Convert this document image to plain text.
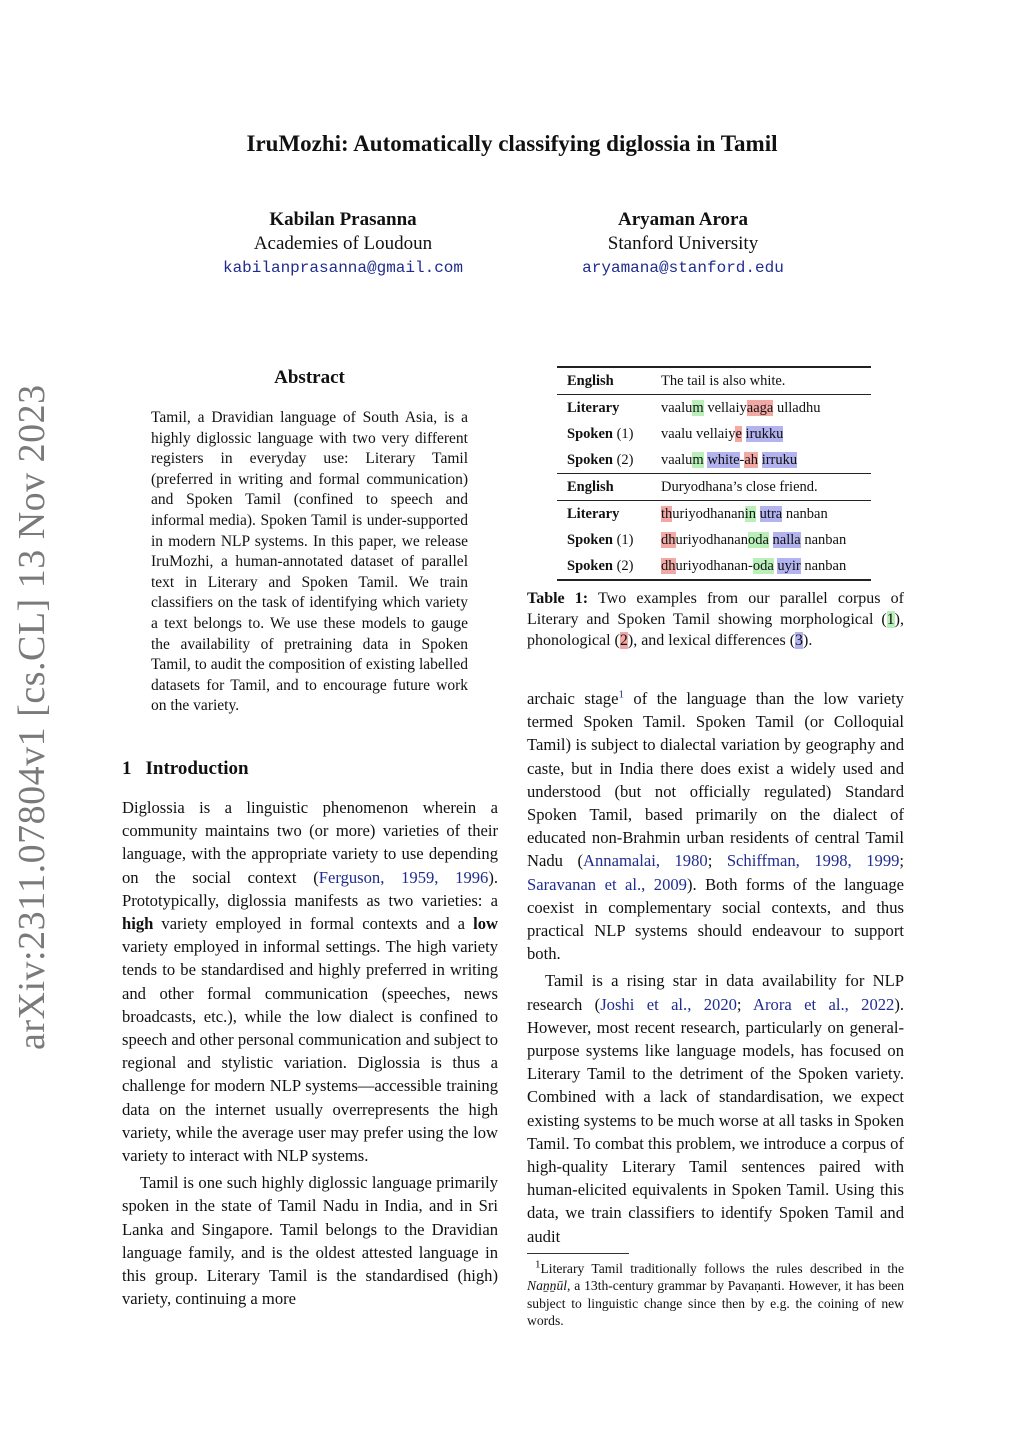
IruMozhi: Automatically classifying diglossia in Tamil
Kabilan Prasanna
Academies of Loudoun
kabilanprasanna@gmail.com
Aryaman Arora
Stanford University
aryamana@stanford.edu
arXiv:2311.07804v1 [cs.CL] 13 Nov 2023
Abstract
Tamil, a Dravidian language of South Asia, is a highly diglossic language with two very different registers in everyday use: Literary Tamil (preferred in writing and formal communication) and Spoken Tamil (confined to speech and informal media). Spoken Tamil is under-supported in modern NLP systems. In this paper, we release IruMozhi, a human-annotated dataset of parallel text in Literary and Spoken Tamil. We train classifiers on the task of identifying which variety a text belongs to. We use these models to gauge the availability of pretraining data in Spoken Tamil, to audit the composition of existing labelled datasets for Tamil, and to encourage future work on the variety.
1 Introduction

Diglossia is a linguistic phenomenon wherein a community maintains two (or more) varieties of their language, with the appropriate variety to use depending on the social context (Ferguson, 1959, 1996). Prototypically, diglossia manifests as two varieties: a high variety employed in formal contexts and a low variety employed in informal settings. The high variety tends to be standardised and highly preferred in writing and other formal communication (speeches, news broadcasts, etc.), while the low dialect is confined to speech and other personal communication and subject to regional and stylistic variation. Diglossia is thus a challenge for modern NLP systems—accessible training data on the internet usually overrepresents the high variety, while the average user may prefer using the low variety to interact with NLP systems.

Tamil is one such highly diglossic language primarily spoken in the state of Tamil Nadu in India, and in Sri Lanka and Singapore. Tamil belongs to the Dravidian language family, and is the oldest attested language in this group. Literary Tamil is the standardised (high) variety, continuing a more

English	The tail is also white.
Literary	vaalum vellaiyaaga ulladhu
Spoken (1)	vaalu vellaiye irukku
Spoken (2)	vaalum white-ah irruku
English	Duryodhana’s close friend.
Literary	thuriyodhananin utra nanban
Spoken (1)	dhuriyodhananoda nalla nanban
Spoken (2)	dhuriyodhanan-oda uyir nanban
Table 1: Two examples from our parallel corpus of Literary and Spoken Tamil showing morphological (1), phonological (2), and lexical differences (3).

archaic stage$^1$ of the language than the low variety termed Spoken Tamil. Spoken Tamil (or Colloquial Tamil) is subject to dialectal variation by geography and caste, but in India there does exist a widely used and understood (but not officially regulated) Standard Spoken Tamil, based primarily on the dialect of educated non-Brahmin urban residents of central Tamil Nadu (Annamalai, 1980; Schiffman, 1998, 1999; Saravanan et al., 2009). Both forms of the language coexist in complementary social contexts, and thus practical NLP systems should endeavour to support both.

Tamil is a rising star in data availability for NLP research (Joshi et al., 2020; Arora et al., 2022). However, most recent research, particularly on general-purpose systems like language models, has focused on Literary Tamil to the detriment of the Spoken variety. Combined with a lack of standardisation, we expect existing systems to be much worse at all tasks in Spoken Tamil. To combat this problem, we introduce a corpus of high-quality Literary Tamil sentences paired with human-elicited equivalents in Spoken Tamil. Using this data, we train classifiers to identify Spoken Tamil and audit

$^1$Literary Tamil traditionally follows the rules described in the Naṉṉūl, a 13th-century grammar by Pavaṇanti. However, it has been subject to linguistic change since then by e.g. the coining of new words.
